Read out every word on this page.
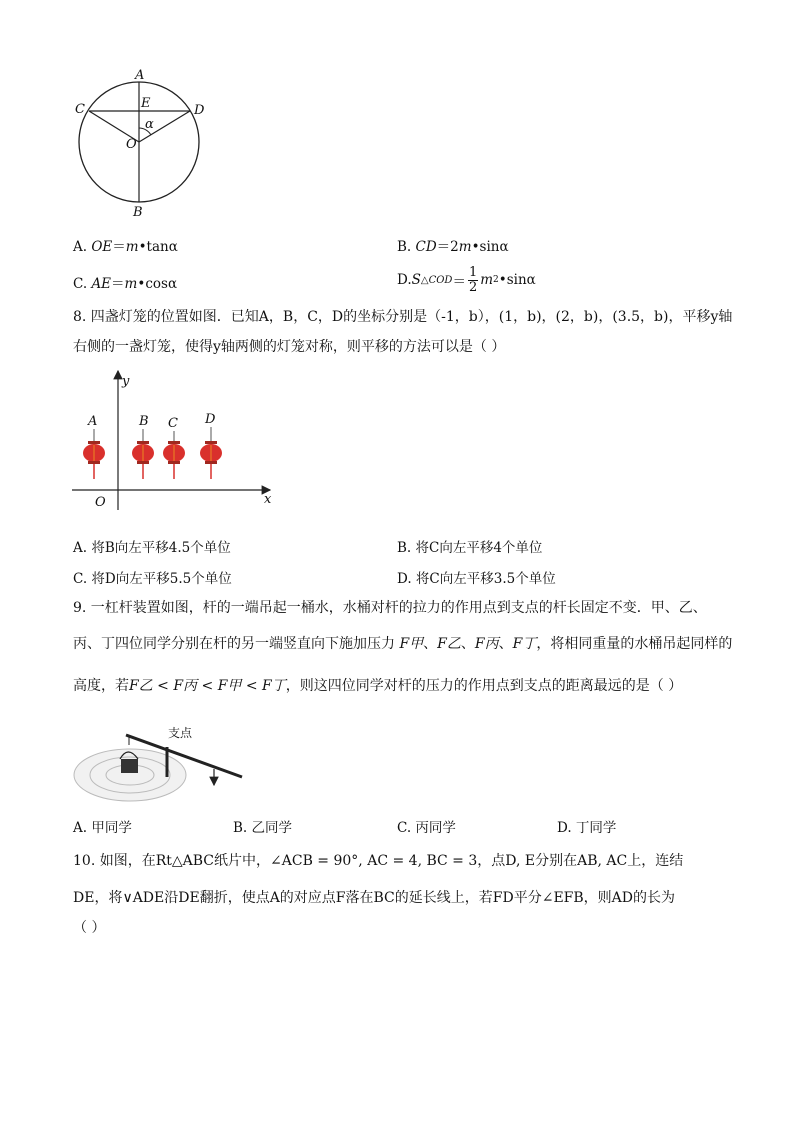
A
C	E	D
α
O
B
A. OE＝m•tanα	B. CD＝2m•sinα
C. AE＝m•cosα	D. S △COD ＝ $\frac{1}{2}$ m 2 •sinα
8. 四盏灯笼的位置如图．已知A，B，C，D的坐标分别是（-1，b），(1，b)，(2，b)，(3.5，b)，平移y轴
右侧的一盏灯笼，使得y轴两侧的灯笼对称，则平移的方法可以是（ ）
y
x
O
A	B C D
A. 将B向左平移4.5个单位	B. 将C向左平移4个单位
C. 将D向左平移5.5个单位	D. 将C向左平移3.5个单位
9. 一杠杆装置如图，杆的一端吊起一桶水，水桶对杆的拉力的作用点到支点的杆长固定不变．甲、乙、
丙、丁四位同学分别在杆的另一端竖直向下施加压力 F甲、F乙、F丙、F丁，将相同重量的水桶吊起同样的
高度，若F乙 < F丙 < F甲 < F丁，则这四位同学对杆的压力的作用点到支点的距离最远的是（ ）
支点
A. 甲同学	B. 乙同学	C. 丙同学	D. 丁同学
10. 如图，在Rt△ABC纸片中，∠ACB = 90°, AC = 4, BC = 3，点D, E分别在AB, AC上，连结
DE，将∨ADE沿DE翻折，使点A的对应点F落在BC的延长线上，若FD平分∠EFB，则AD的长为
（ ）
